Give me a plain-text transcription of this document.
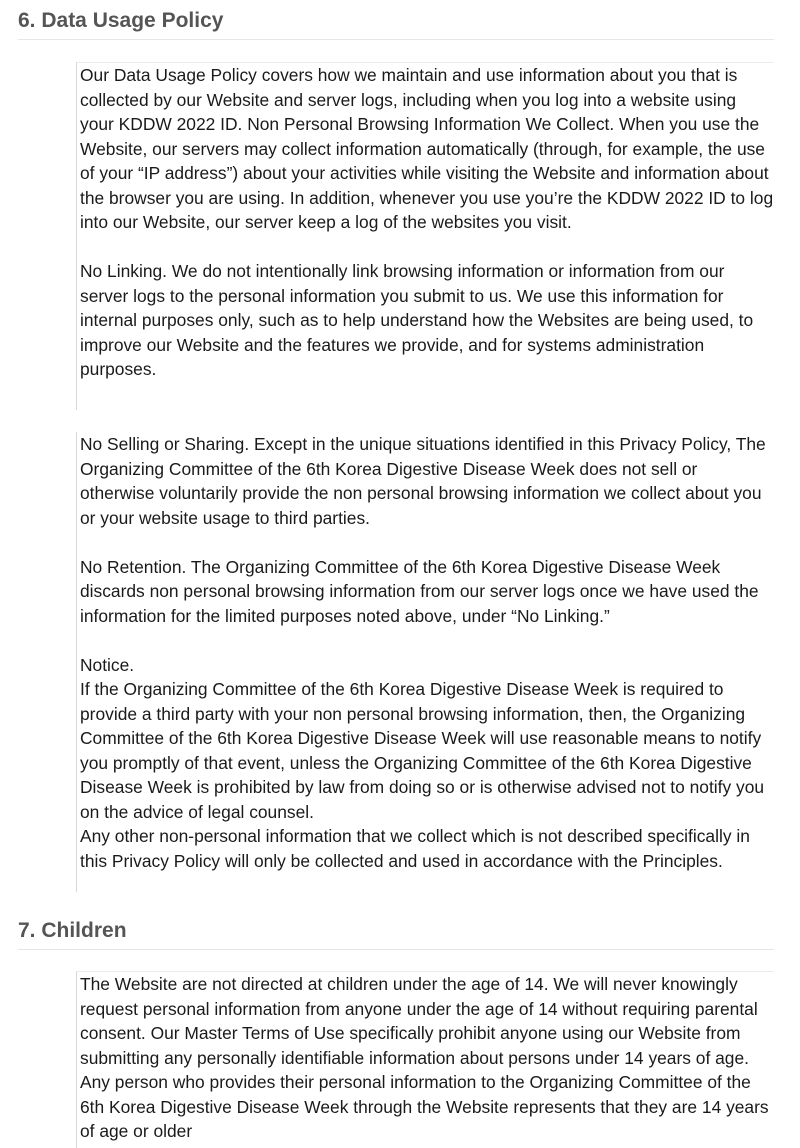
6. Data Usage Policy

Our Data Usage Policy covers how we maintain and use information about you that is collected by our Website and server logs, including when you log into a website using your KDDW 2022 ID. Non Personal Browsing Information We Collect. When you use the Website, our servers may collect information automatically (through, for example, the use of your “IP address”) about your activities while visiting the Website and information about the browser you are using. In addition, whenever you use you’re the KDDW 2022 ID to log into our Website, our server keep a log of the websites you visit.

No Linking. We do not intentionally link browsing information or information from our server logs to the personal information you submit to us. We use this information for internal purposes only, such as to help understand how the Websites are being used, to improve our Website and the features we provide, and for systems administration purposes.

No Selling or Sharing. Except in the unique situations identified in this Privacy Policy, The Organizing Committee of the 6th Korea Digestive Disease Week does not sell or otherwise voluntarily provide the non personal browsing information we collect about you or your website usage to third parties.

No Retention. The Organizing Committee of the 6th Korea Digestive Disease Week discards non personal browsing information from our server logs once we have used the information for the limited purposes noted above, under “No Linking.”

Notice.

If the Organizing Committee of the 6th Korea Digestive Disease Week is required to provide a third party with your non personal browsing information, then, the Organizing Committee of the 6th Korea Digestive Disease Week will use reasonable means to notify you promptly of that event, unless the Organizing Committee of the 6th Korea Digestive Disease Week is prohibited by law from doing so or is otherwise advised not to notify you on the advice of legal counsel.

Any other non-personal information that we collect which is not described specifically in this Privacy Policy will only be collected and used in accordance with the Principles.

7. Children

The Website are not directed at children under the age of 14. We will never knowingly request personal information from anyone under the age of 14 without requiring parental consent. Our Master Terms of Use specifically prohibit anyone using our Website from submitting any personally identifiable information about persons under 14 years of age. Any person who provides their personal information to the Organizing Committee of the 6th Korea Digestive Disease Week through the Website represents that they are 14 years of age or older
